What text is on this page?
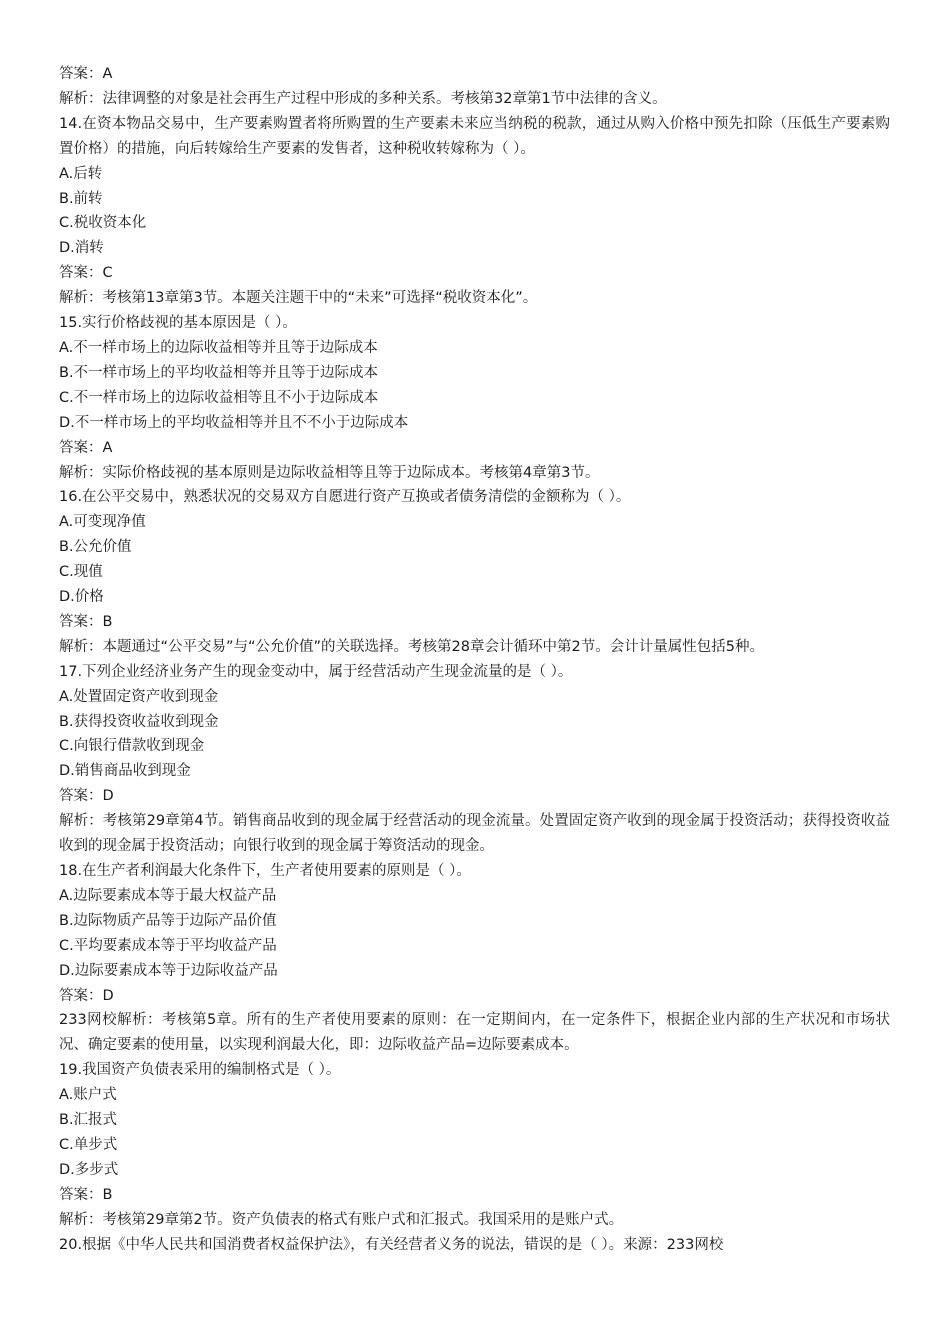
答案：A
解析：法律调整的对象是社会再生产过程中形成的多种关系。考核第32章第1节中法律的含义。
14.在资本物品交易中，生产要素购置者将所购置的生产要素未来应当纳税的税款，通过从购入价格中预先扣除（压低生产要素购置价格）的措施，向后转嫁给生产要素的发售者，这种税收转嫁称为（ ）。
A.后转
B.前转
C.税收资本化
D.消转
答案：C
解析：考核第13章第3节。本题关注题干中的“未来”可选择“税收资本化”。
15.实行价格歧视的基本原因是（ ）。
A.不一样市场上的边际收益相等并且等于边际成本
B.不一样市场上的平均收益相等并且等于边际成本
C.不一样市场上的边际收益相等且不小于边际成本
D.不一样市场上的平均收益相等并且不不小于边际成本
答案：A
解析：实际价格歧视的基本原则是边际收益相等且等于边际成本。考核第4章第3节。
16.在公平交易中，熟悉状况的交易双方自愿进行资产互换或者债务清偿的金额称为（ ）。
A.可变现净值
B.公允价值
C.现值
D.价格
答案：B
解析：本题通过“公平交易”与“公允价值”的关联选择。考核第28章会计循环中第2节。会计计量属性包括5种。
17.下列企业经济业务产生的现金变动中，属于经营活动产生现金流量的是（ ）。
A.处置固定资产收到现金
B.获得投资收益收到现金
C.向银行借款收到现金
D.销售商品收到现金
答案：D
解析：考核第29章第4节。销售商品收到的现金属于经营活动的现金流量。处置固定资产收到的现金属于投资活动；获得投资收益收到的现金属于投资活动；向银行收到的现金属于筹资活动的现金。
18.在生产者利润最大化条件下，生产者使用要素的原则是（ ）。
A.边际要素成本等于最大权益产品
B.边际物质产品等于边际产品价值
C.平均要素成本等于平均收益产品
D.边际要素成本等于边际收益产品
答案：D
233网校解析：考核第5章。所有的生产者使用要素的原则：在一定期间内，在一定条件下，根据企业内部的生产状况和市场状况、确定要素的使用量，以实现利润最大化，即：边际收益产品=边际要素成本。
19.我国资产负债表采用的编制格式是（ ）。
A.账户式
B.汇报式
C.单步式
D.多步式
答案：B
解析：考核第29章第2节。资产负债表的格式有账户式和汇报式。我国采用的是账户式。
20.根据《中华人民共和国消费者权益保护法》，有关经营者义务的说法，错误的是（ ）。来源：233网校
